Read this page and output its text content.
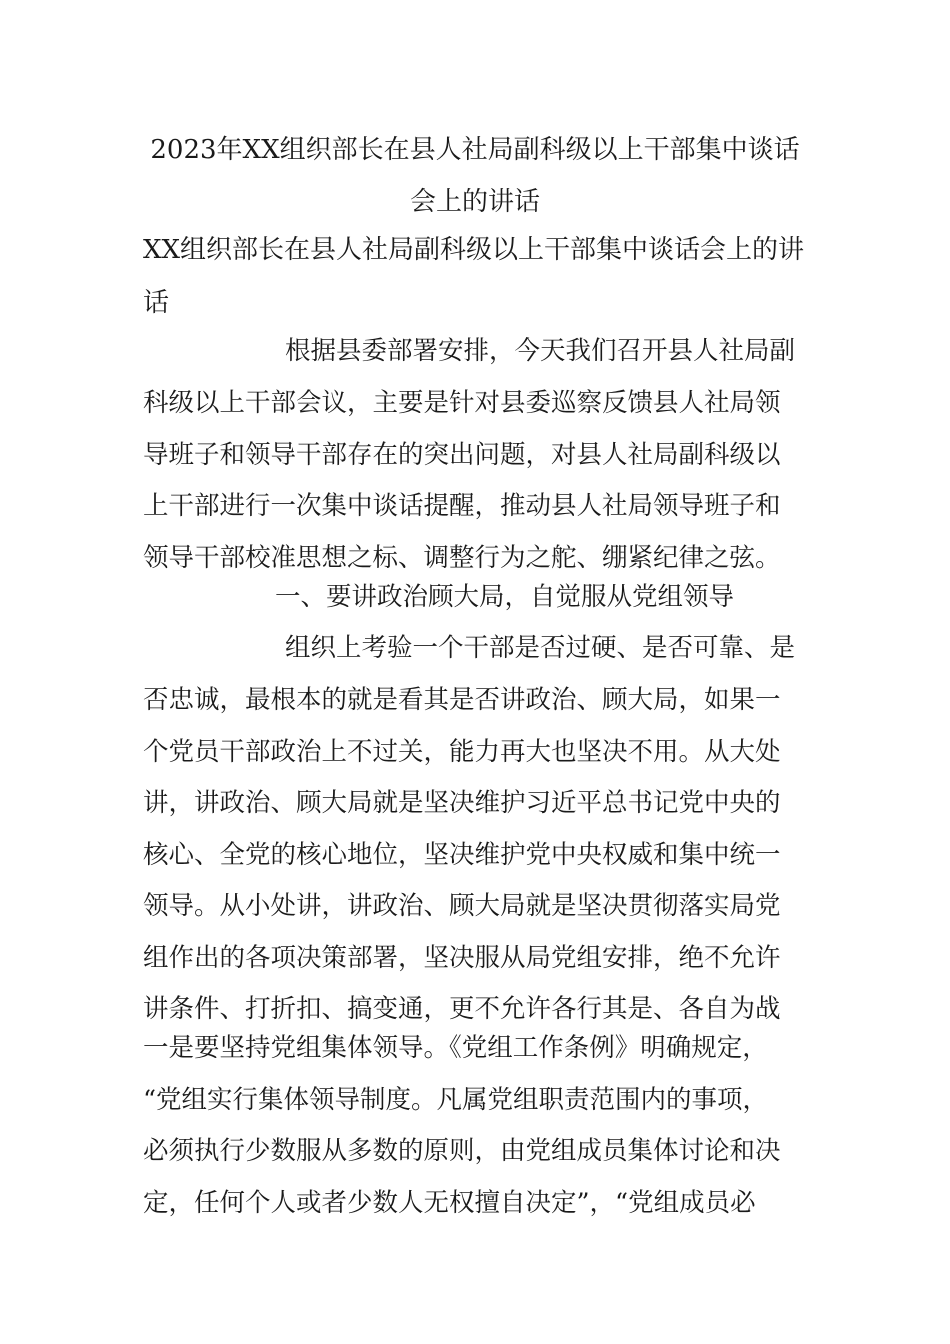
2023年XX组织部长在县人社局副科级以上干部集中谈话
会上的讲话

XX组织部长在县人社局副科级以上干部集中谈话会上的讲

话

根据县委部署安排，今天我们召开县人社局副

科级以上干部会议，主要是针对县委巡察反馈县人社局领

导班子和领导干部存在的突出问题，对县人社局副科级以

上干部进行一次集中谈话提醒，推动县人社局领导班子和

领导干部校准思想之标、调整行为之舵、绷紧纪律之弦。

一、要讲政治顾大局，自觉服从党组领导

组织上考验一个干部是否过硬、是否可靠、是

否忠诚，最根本的就是看其是否讲政治、顾大局，如果一

个党员干部政治上不过关，能力再大也坚决不用。从大处

讲，讲政治、顾大局就是坚决维护习近平总书记党中央的

核心、全党的核心地位，坚决维护党中央权威和集中统一

领导。从小处讲，讲政治、顾大局就是坚决贯彻落实局党

组作出的各项决策部署，坚决服从局党组安排，绝不允许

讲条件、打折扣、搞变通，更不允许各行其是、各自为战

一是要坚持党组集体领导。《党组工作条例》明确规定，

“党组实行集体领导制度。凡属党组职责范围内的事项，

必须执行少数服从多数的原则，由党组成员集体讨论和决

定，任何个人或者少数人无权擅自决定”，“党组成员必
